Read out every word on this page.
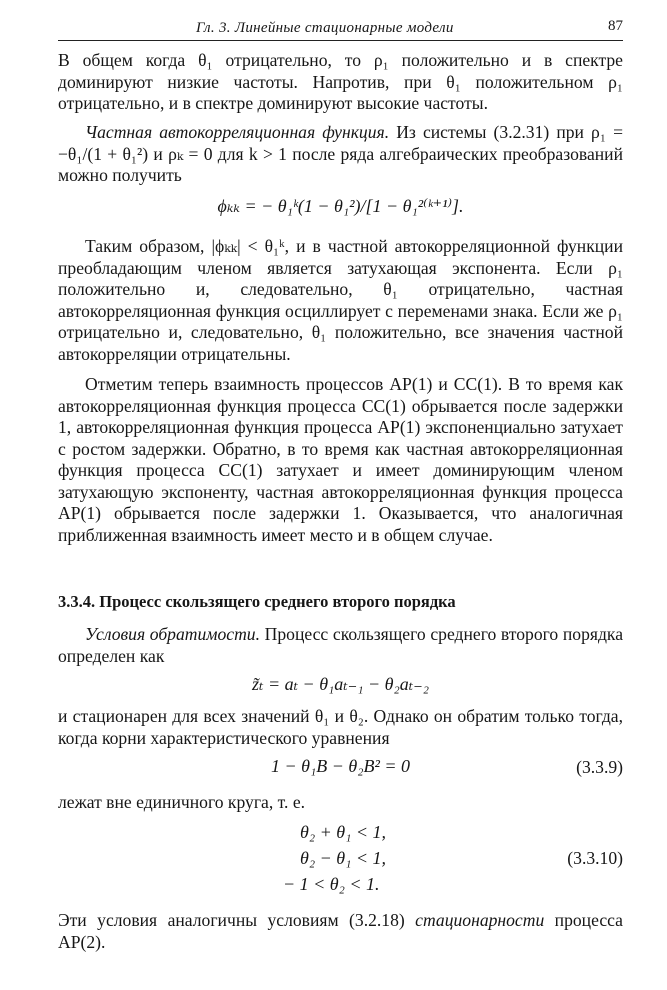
Гл. 3. Линейные стационарные модели	87

В общем когда θ₁ отрицательно, то ρ₁ положительно и в спектре доминируют низкие частоты. Напротив, при θ₁ положительном ρ₁ отрицательно, и в спектре доминируют высокие частоты.

Частная автокорреляционная функция. Из системы (3.2.31) при ρ₁ = −θ₁/(1 + θ₁²) и ρₖ = 0 для k > 1 после ряда алгебраических преобразований можно получить

ϕₖₖ = − θ₁ᵏ(1 − θ₁²)/[1 − θ₁²⁽ᵏ⁺¹⁾].

Таким образом, |ϕₖₖ| < θ₁ᵏ, и в частной автокорреляционной функции преобладающим членом является затухающая экспонента. Если ρ₁ положительно и, следовательно, θ₁ отрицательно, частная автокорреляционная функция осциллирует с переменами знака. Если же ρ₁ отрицательно и, следовательно, θ₁ положительно, все значения частной автокорреляции отрицательны.

Отметим теперь взаимность процессов АР(1) и СС(1). В то время как автокорреляционная функция процесса СС(1) обрывается после задержки 1, автокорреляционная функция процесса АР(1) экспоненциально затухает с ростом задержки. Обратно, в то время как частная автокорреляционная функция процесса СС(1) затухает и имеет доминирующим членом затухающую экспоненту, частная автокорреляционная функция процесса АР(1) обрывается после задержки 1. Оказывается, что аналогичная приближенная взаимность имеет место и в общем случае.

3.3.4. Процесс скользящего среднего второго порядка

Условия обратимости. Процесс скользящего среднего второго порядка определен как

z̃ₜ = aₜ − θ₁aₜ₋₁ − θ₂aₜ₋₂

и стационарен для всех значений θ₁ и θ₂. Однако он обратим только тогда, когда корни характеристического уравнения

1 − θ₁B − θ₂B² = 0	(3.3.9)

лежат вне единичного круга, т. е.

θ₂ + θ₁ < 1,
θ₂ − θ₁ < 1,
− 1 < θ₂ < 1.
(3.3.10)

Эти условия аналогичны условиям (3.2.18) стационарности процесса АР(2).
